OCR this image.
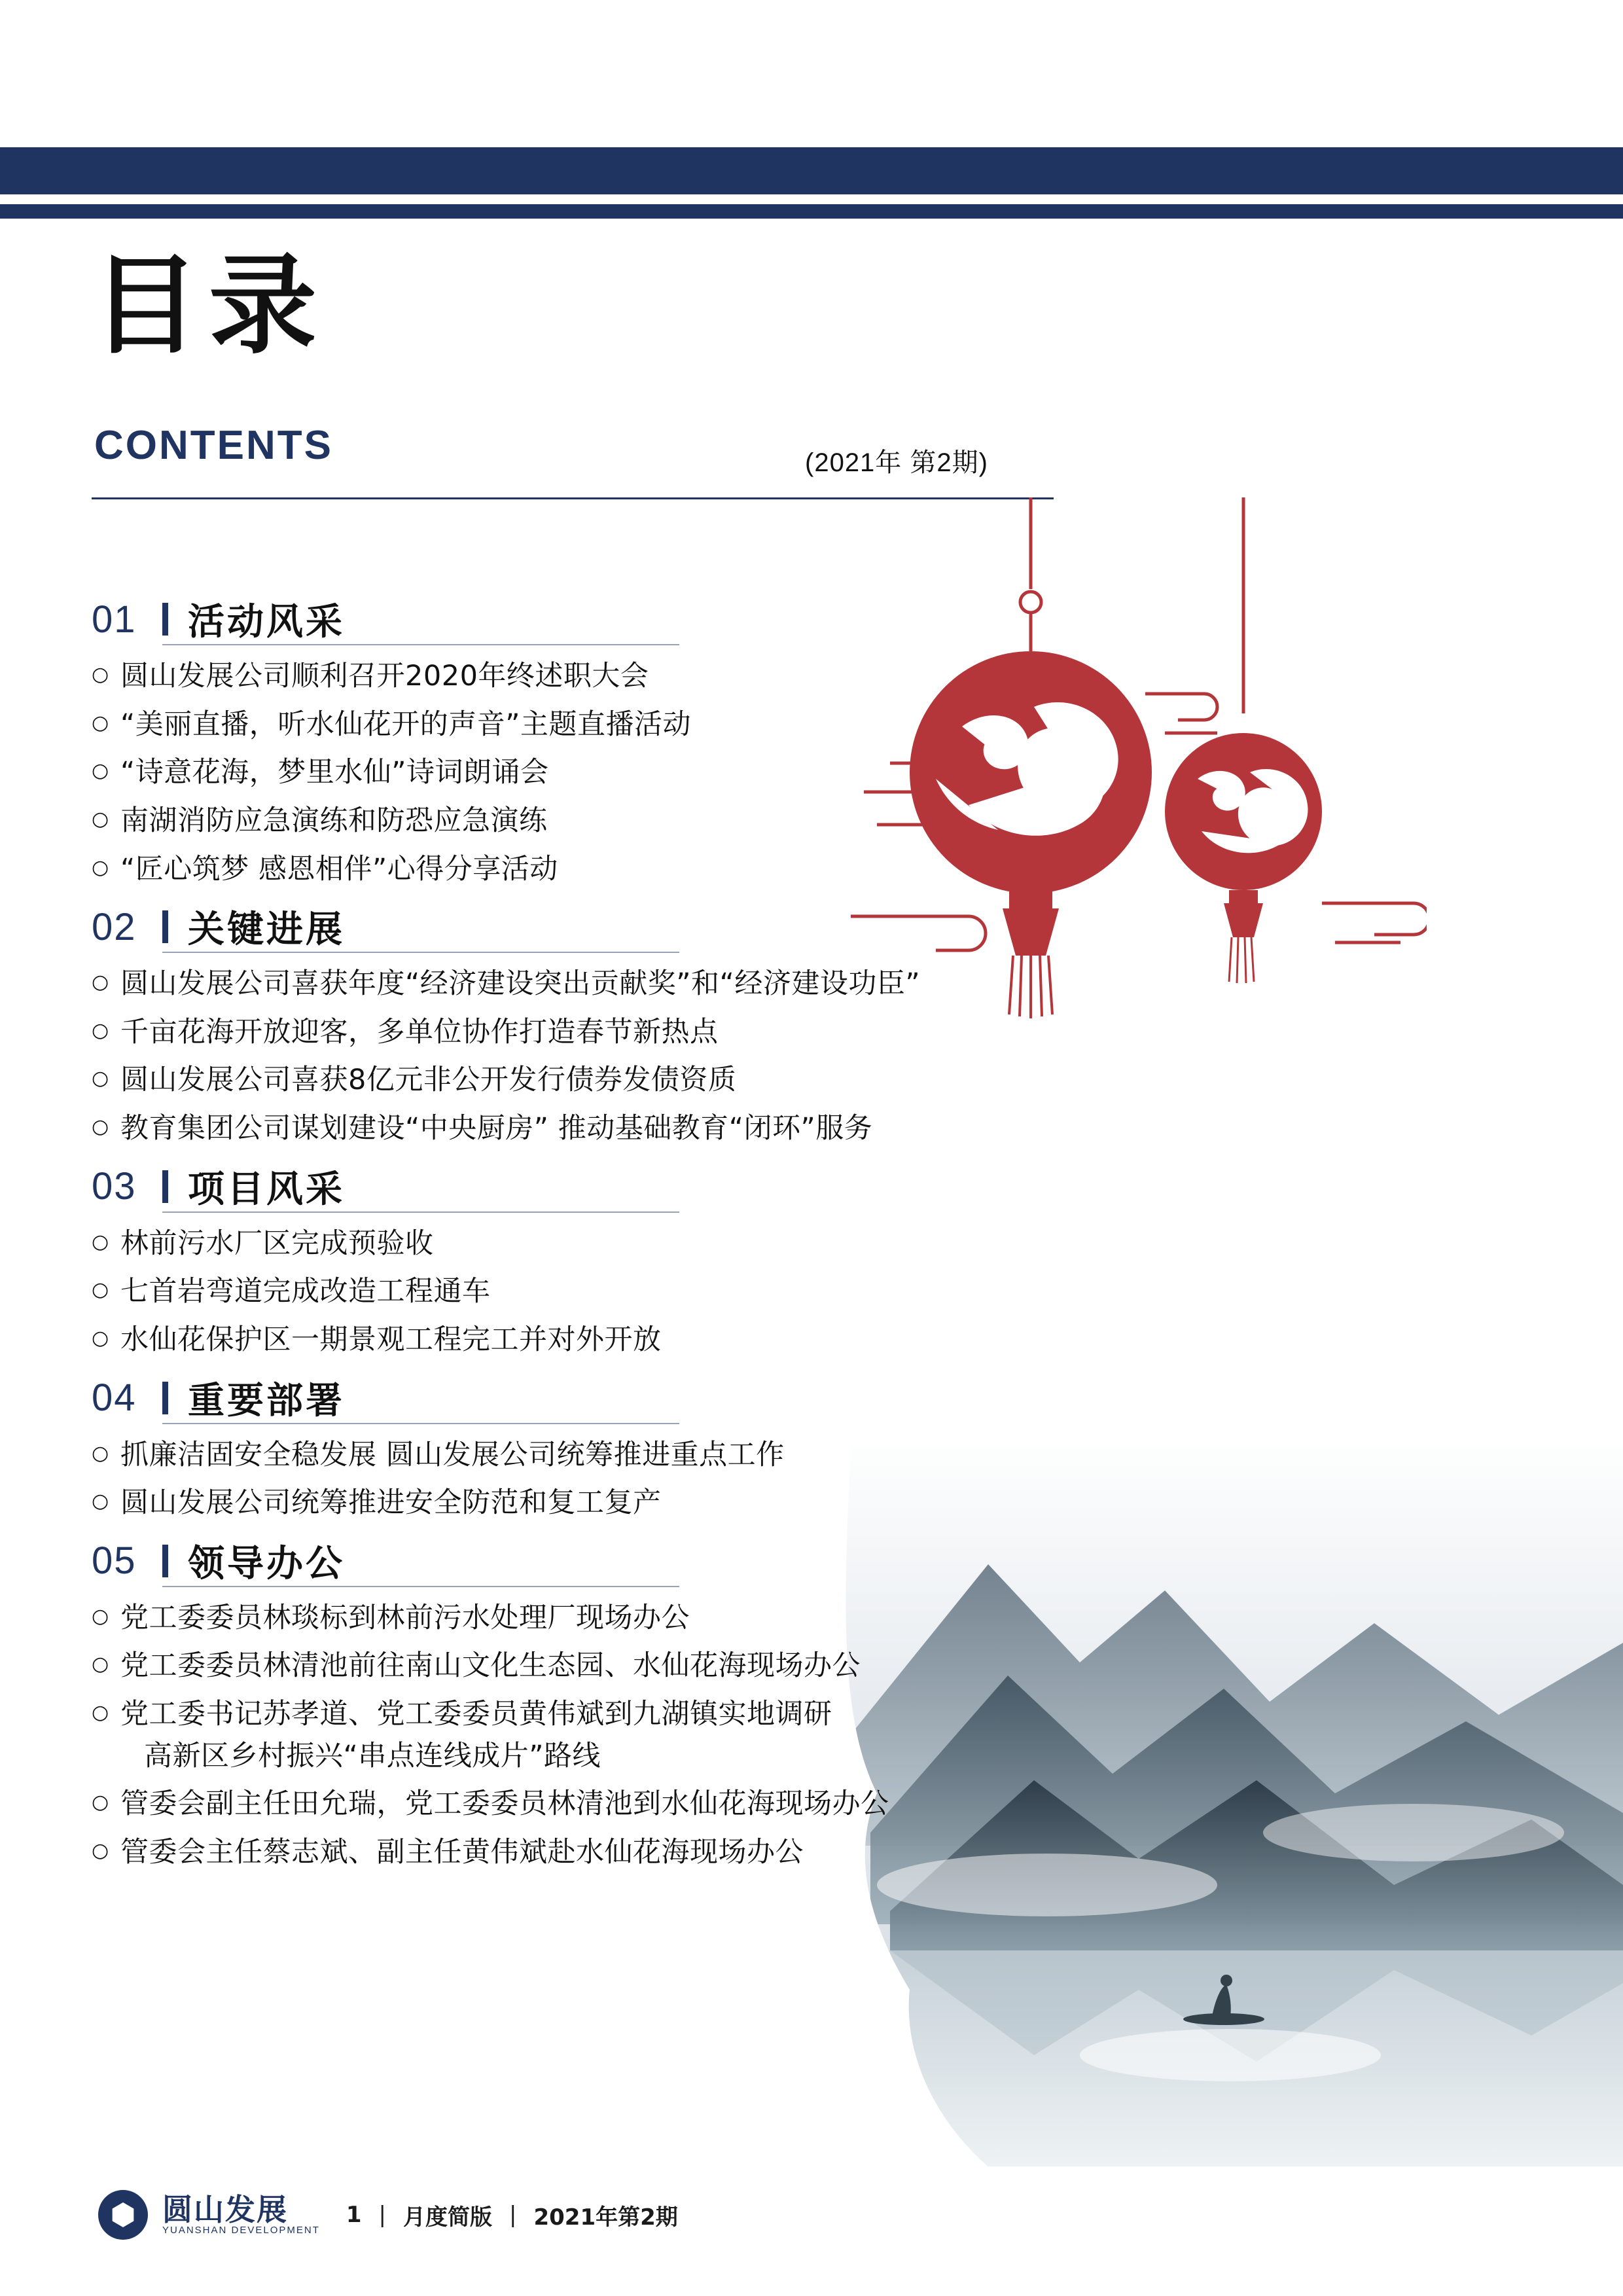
目录
CONTENTS	(2021年 第2期)
01	活动风采
○ 圆山发展公司顺利召开2020年终述职大会
○ “美丽直播，听水仙花开的声音”主题直播活动
○ “诗意花海，梦里水仙”诗词朗诵会
○ 南湖消防应急演练和防恐应急演练
○ “匠心筑梦 感恩相伴”心得分享活动
02	关键进展
○ 圆山发展公司喜获年度“经济建设突出贡献奖”和“经济建设功臣”
○ 千亩花海开放迎客，多单位协作打造春节新热点
○ 圆山发展公司喜获8亿元非公开发行债券发债资质
○ 教育集团公司谋划建设“中央厨房” 推动基础教育“闭环”服务
03	项目风采
○ 林前污水厂区完成预验收
○ 七首岩弯道完成改造工程通车
○ 水仙花保护区一期景观工程完工并对外开放
04	重要部署
○ 抓廉洁固安全稳发展 圆山发展公司统筹推进重点工作
○ 圆山发展公司统筹推进安全防范和复工复产
05	领导办公
○ 党工委委员林琰标到林前污水处理厂现场办公
○ 党工委委员林清池前往南山文化生态园、水仙花海现场办公
○ 党工委书记苏孝道、党工委委员黄伟斌到九湖镇实地调研
高新区乡村振兴“串点连线成片”路线
○ 管委会副主任田允瑞，党工委委员林清池到水仙花海现场办公
○ 管委会主任蔡志斌、副主任黄伟斌赴水仙花海现场办公
圆山发展
YUANSHAN DEVELOPMENT
1 | 月度简版 | 2021年第2期
